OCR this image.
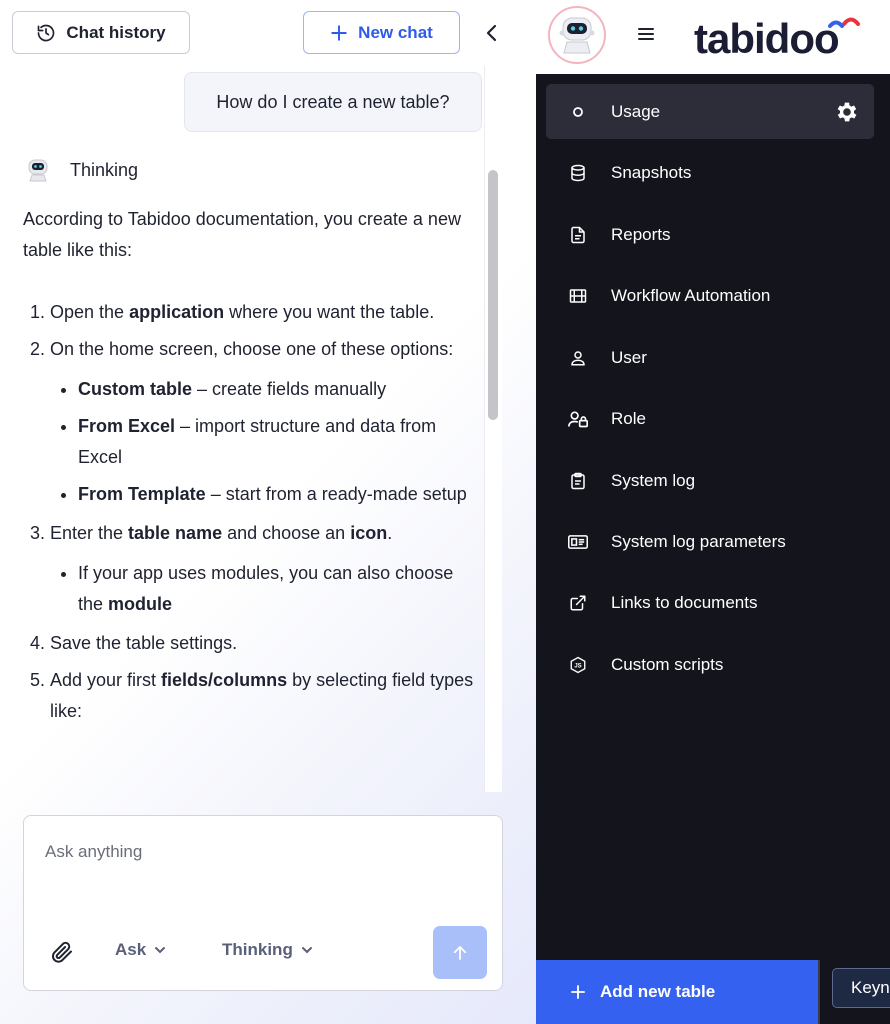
Chat history	New chat
How do I create a new table?
Thinking

According to Tabidoo documentation, you create a new table like this:

1. Open the application where you want the table.
2. On the home screen, choose one of these options:
• Custom table – create fields manually
• From Excel – import structure and data from Excel
• From Template – start from a ready-made setup
3. Enter the table name and choose an icon.
• If your app uses modules, you can also choose the module
4. Save the table settings.
5. Add your first fields/columns by selecting field types like:
Ask anything
Ask	Thinking
tabidoo
Usage
Snapshots
Reports
Workflow Automation
User
Role
System log
System log parameters
Links to documents
JS Custom scripts
Add new table	Keyn
